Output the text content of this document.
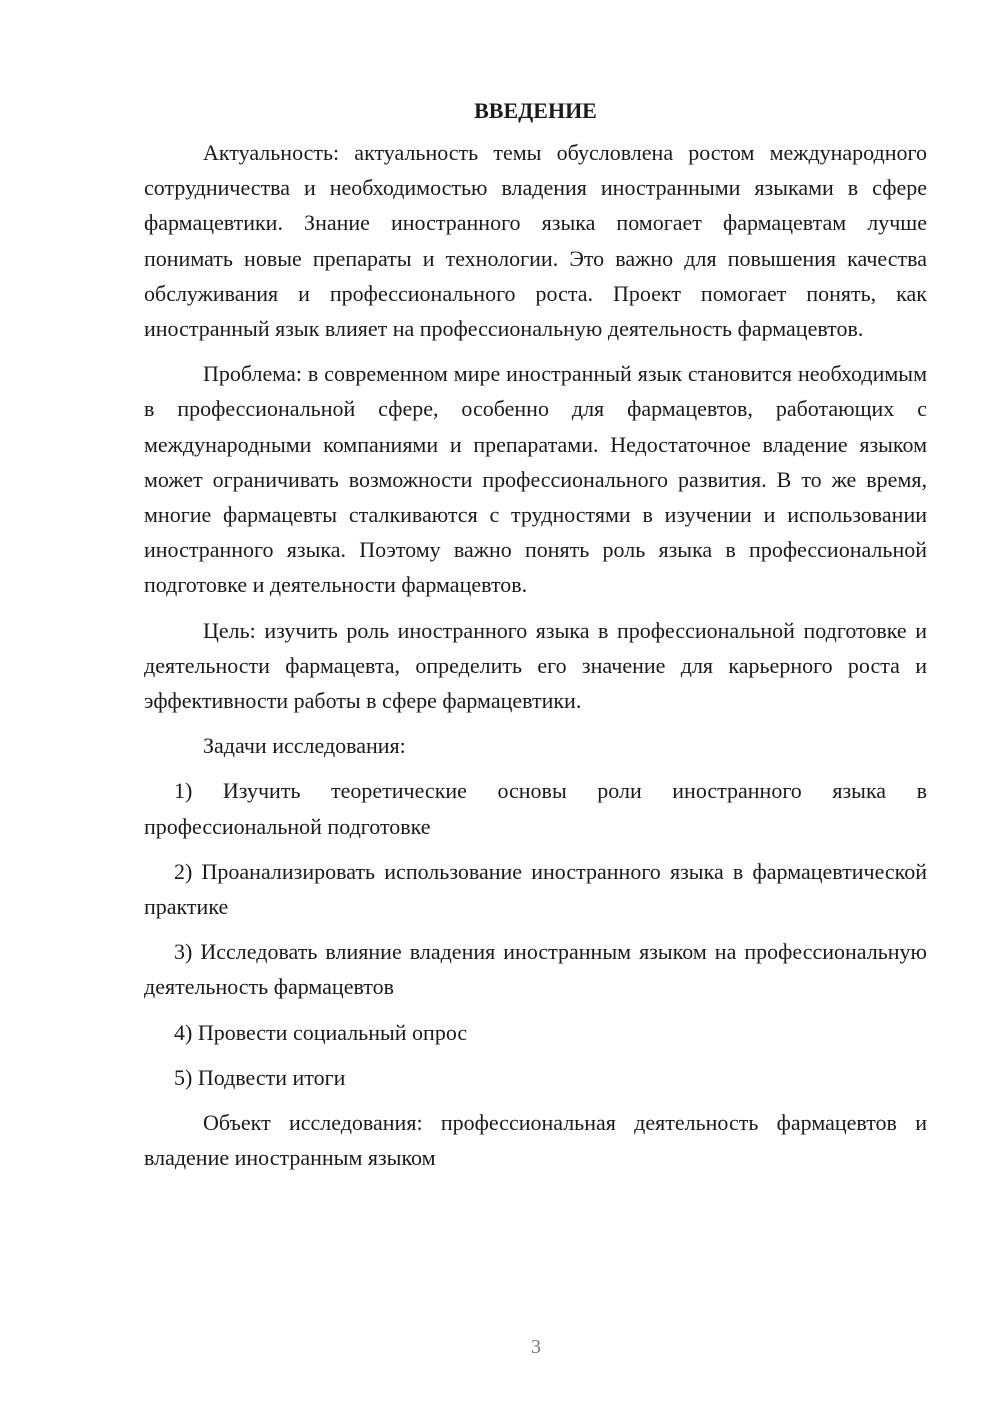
ВВЕДЕНИЕ

Актуальность: актуальность темы обусловлена ростом международного сотрудничества и необходимостью владения иностранными языками в сфере фармацевтики. Знание иностранного языка помогает фармацевтам лучше понимать новые препараты и технологии. Это важно для повышения качества обслуживания и профессионального роста. Проект помогает понять, как иностранный язык влияет на профессиональную деятельность фармацевтов.

Проблема: в современном мире иностранный язык становится необходимым в профессиональной сфере, особенно для фармацевтов, работающих с международными компаниями и препаратами. Недостаточное владение языком может ограничивать возможности профессионального развития. В то же время, многие фармацевты сталкиваются с трудностями в изучении и использовании иностранного языка. Поэтому важно понять роль языка в профессиональной подготовке и деятельности фармацевтов.

Цель: изучить роль иностранного языка в профессиональной подготовке и деятельности фармацевта, определить его значение для карьерного роста и эффективности работы в сфере фармацевтики.

Задачи исследования:

1) Изучить теоретические основы роли иностранного языка в профессиональной подготовке

2) Проанализировать использование иностранного языка в фармацевтической практике

3) Исследовать влияние владения иностранным языком на профессиональную деятельность фармацевтов

4) Провести социальный опрос

5) Подвести итоги

Объект исследования: профессиональная деятельность фармацевтов и владение иностранным языком

3
